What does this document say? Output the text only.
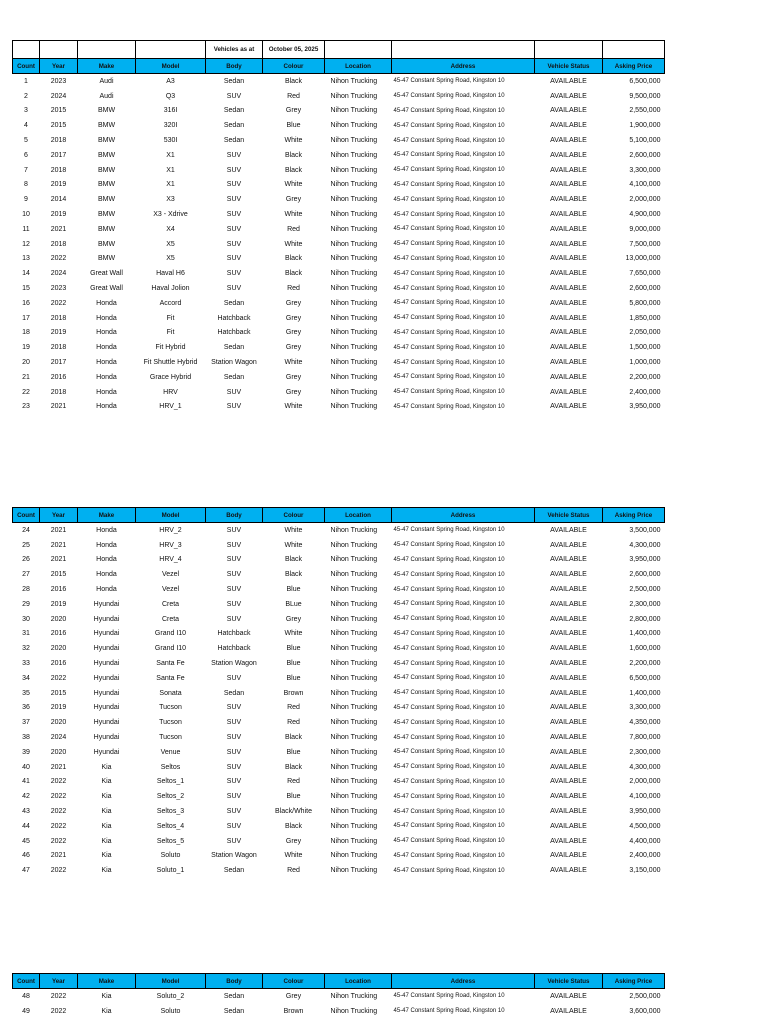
				Vehicles as at	October 05, 2025				
Count	Year	Make	Model	Body	Colour	Location	Address	Vehicle Status	Asking Price
1	2023	Audi	A3	Sedan	Black	Nihon Trucking	45-47 Constant Spring Road, Kingston 10	AVAILABLE	6,500,000
2	2024	Audi	Q3	SUV	Red	Nihon Trucking	45-47 Constant Spring Road, Kingston 10	AVAILABLE	9,500,000
3	2015	BMW	316I	Sedan	Grey	Nihon Trucking	45-47 Constant Spring Road, Kingston 10	AVAILABLE	2,550,000
4	2015	BMW	320I	Sedan	Blue	Nihon Trucking	45-47 Constant Spring Road, Kingston 10	AVAILABLE	1,900,000
5	2018	BMW	530I	Sedan	White	Nihon Trucking	45-47 Constant Spring Road, Kingston 10	AVAILABLE	5,100,000
6	2017	BMW	X1	SUV	Black	Nihon Trucking	45-47 Constant Spring Road, Kingston 10	AVAILABLE	2,600,000
7	2018	BMW	X1	SUV	Black	Nihon Trucking	45-47 Constant Spring Road, Kingston 10	AVAILABLE	3,300,000
8	2019	BMW	X1	SUV	White	Nihon Trucking	45-47 Constant Spring Road, Kingston 10	AVAILABLE	4,100,000
9	2014	BMW	X3	SUV	Grey	Nihon Trucking	45-47 Constant Spring Road, Kingston 10	AVAILABLE	2,000,000
10	2019	BMW	X3 - Xdrive	SUV	White	Nihon Trucking	45-47 Constant Spring Road, Kingston 10	AVAILABLE	4,900,000
11	2021	BMW	X4	SUV	Red	Nihon Trucking	45-47 Constant Spring Road, Kingston 10	AVAILABLE	9,000,000
12	2018	BMW	X5	SUV	White	Nihon Trucking	45-47 Constant Spring Road, Kingston 10	AVAILABLE	7,500,000
13	2022	BMW	X5	SUV	Black	Nihon Trucking	45-47 Constant Spring Road, Kingston 10	AVAILABLE	13,000,000
14	2024	Great Wall	Haval H6	SUV	Black	Nihon Trucking	45-47 Constant Spring Road, Kingston 10	AVAILABLE	7,650,000
15	2023	Great Wall	Haval Jolion	SUV	Red	Nihon Trucking	45-47 Constant Spring Road, Kingston 10	AVAILABLE	2,600,000
16	2022	Honda	Accord	Sedan	Grey	Nihon Trucking	45-47 Constant Spring Road, Kingston 10	AVAILABLE	5,800,000
17	2018	Honda	Fit	Hatchback	Grey	Nihon Trucking	45-47 Constant Spring Road, Kingston 10	AVAILABLE	1,850,000
18	2019	Honda	Fit	Hatchback	Grey	Nihon Trucking	45-47 Constant Spring Road, Kingston 10	AVAILABLE	2,050,000
19	2018	Honda	Fit Hybrid	Sedan	Grey	Nihon Trucking	45-47 Constant Spring Road, Kingston 10	AVAILABLE	1,500,000
20	2017	Honda	Fit Shuttle Hybrid	Station Wagon	White	Nihon Trucking	45-47 Constant Spring Road, Kingston 10	AVAILABLE	1,000,000
21	2016	Honda	Grace Hybrid	Sedan	Grey	Nihon Trucking	45-47 Constant Spring Road, Kingston 10	AVAILABLE	2,200,000
22	2018	Honda	HRV	SUV	Grey	Nihon Trucking	45-47 Constant Spring Road, Kingston 10	AVAILABLE	2,400,000
23	2021	Honda	HRV_1	SUV	White	Nihon Trucking	45-47 Constant Spring Road, Kingston 10	AVAILABLE	3,950,000
Count	Year	Make	Model	Body	Colour	Location	Address	Vehicle Status	Asking Price
24	2021	Honda	HRV_2	SUV	White	Nihon Trucking	45-47 Constant Spring Road, Kingston 10	AVAILABLE	3,500,000
25	2021	Honda	HRV_3	SUV	White	Nihon Trucking	45-47 Constant Spring Road, Kingston 10	AVAILABLE	4,300,000
26	2021	Honda	HRV_4	SUV	Black	Nihon Trucking	45-47 Constant Spring Road, Kingston 10	AVAILABLE	3,950,000
27	2015	Honda	Vezel	SUV	Black	Nihon Trucking	45-47 Constant Spring Road, Kingston 10	AVAILABLE	2,600,000
28	2016	Honda	Vezel	SUV	Blue	Nihon Trucking	45-47 Constant Spring Road, Kingston 10	AVAILABLE	2,500,000
29	2019	Hyundai	Creta	SUV	BLue	Nihon Trucking	45-47 Constant Spring Road, Kingston 10	AVAILABLE	2,300,000
30	2020	Hyundai	Creta	SUV	Grey	Nihon Trucking	45-47 Constant Spring Road, Kingston 10	AVAILABLE	2,800,000
31	2016	Hyundai	Grand I10	Hatchback	White	Nihon Trucking	45-47 Constant Spring Road, Kingston 10	AVAILABLE	1,400,000
32	2020	Hyundai	Grand I10	Hatchback	Blue	Nihon Trucking	45-47 Constant Spring Road, Kingston 10	AVAILABLE	1,600,000
33	2016	Hyundai	Santa Fe	Station Wagon	Blue	Nihon Trucking	45-47 Constant Spring Road, Kingston 10	AVAILABLE	2,200,000
34	2022	Hyundai	Santa Fe	SUV	Blue	Nihon Trucking	45-47 Constant Spring Road, Kingston 10	AVAILABLE	6,500,000
35	2015	Hyundai	Sonata	Sedan	Brown	Nihon Trucking	45-47 Constant Spring Road, Kingston 10	AVAILABLE	1,400,000
36	2019	Hyundai	Tucson	SUV	Red	Nihon Trucking	45-47 Constant Spring Road, Kingston 10	AVAILABLE	3,300,000
37	2020	Hyundai	Tucson	SUV	Red	Nihon Trucking	45-47 Constant Spring Road, Kingston 10	AVAILABLE	4,350,000
38	2024	Hyundai	Tucson	SUV	Black	Nihon Trucking	45-47 Constant Spring Road, Kingston 10	AVAILABLE	7,800,000
39	2020	Hyundai	Venue	SUV	Blue	Nihon Trucking	45-47 Constant Spring Road, Kingston 10	AVAILABLE	2,300,000
40	2021	Kia	Seltos	SUV	Black	Nihon Trucking	45-47 Constant Spring Road, Kingston 10	AVAILABLE	4,300,000
41	2022	Kia	Seltos_1	SUV	Red	Nihon Trucking	45-47 Constant Spring Road, Kingston 10	AVAILABLE	2,000,000
42	2022	Kia	Seltos_2	SUV	Blue	Nihon Trucking	45-47 Constant Spring Road, Kingston 10	AVAILABLE	4,100,000
43	2022	Kia	Seltos_3	SUV	Black/White	Nihon Trucking	45-47 Constant Spring Road, Kingston 10	AVAILABLE	3,950,000
44	2022	Kia	Seltos_4	SUV	Black	Nihon Trucking	45-47 Constant Spring Road, Kingston 10	AVAILABLE	4,500,000
45	2022	Kia	Seltos_5	SUV	Grey	Nihon Trucking	45-47 Constant Spring Road, Kingston 10	AVAILABLE	4,400,000
46	2021	Kia	Soluto	Station Wagon	White	Nihon Trucking	45-47 Constant Spring Road, Kingston 10	AVAILABLE	2,400,000
47	2022	Kia	Soluto_1	Sedan	Red	Nihon Trucking	45-47 Constant Spring Road, Kingston 10	AVAILABLE	3,150,000
Count	Year	Make	Model	Body	Colour	Location	Address	Vehicle Status	Asking Price
48	2022	Kia	Soluto_2	Sedan	Grey	Nihon Trucking	45-47 Constant Spring Road, Kingston 10	AVAILABLE	2,500,000
49	2022	Kia	Soluto	Sedan	Brown	Nihon Trucking	45-47 Constant Spring Road, Kingston 10	AVAILABLE	3,600,000
